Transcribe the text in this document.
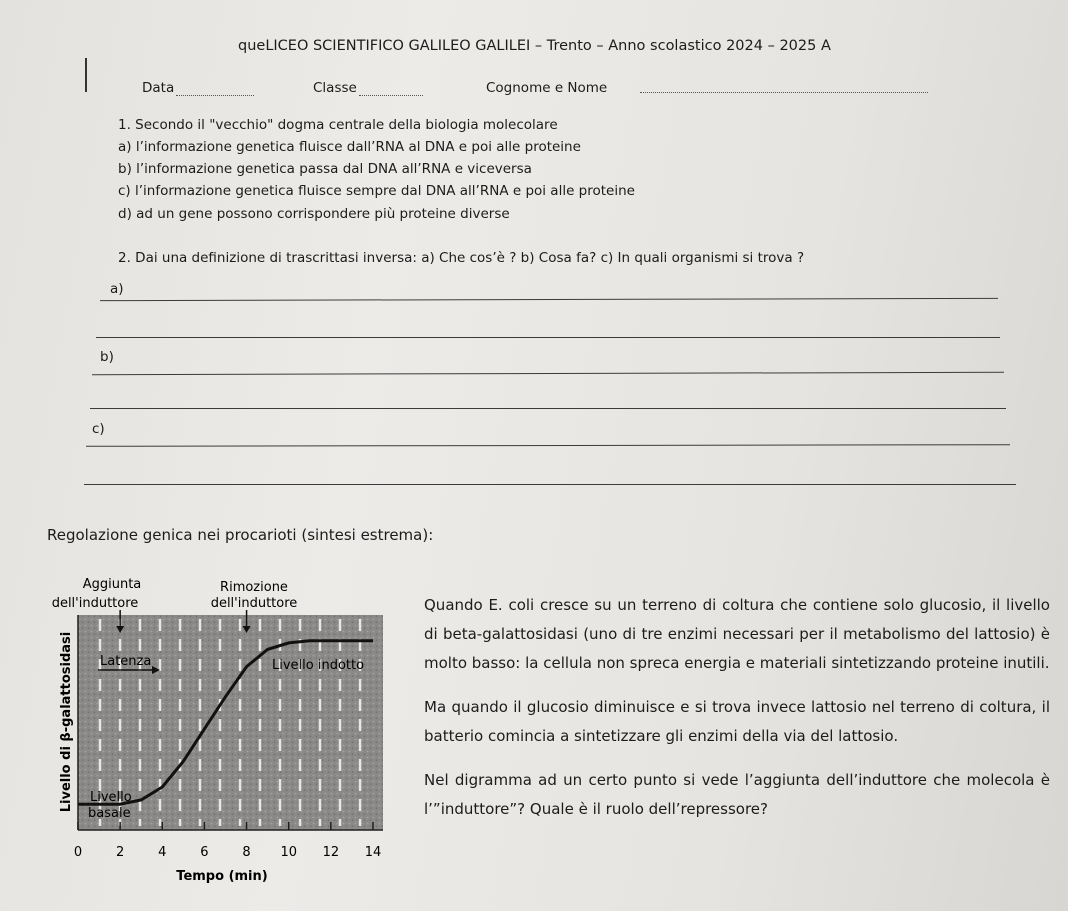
queLICEO SCIENTIFICO GALILEO GALILEI – Trento – Anno scolastico 2024 – 2025 A
Data	Classe	Cognome e Nome
1. Secondo il "vecchio" dogma centrale della biologia molecolare
a) l’informazione genetica fluisce dall’RNA al DNA e poi alle proteine
b) l’informazione genetica passa dal DNA all’RNA e viceversa
c) l’informazione genetica fluisce sempre dal DNA all’RNA e poi alle proteine
d) ad un gene possono corrispondere più proteine diverse
2. Dai una definizione di trascrittasi inversa: a) Che cos’è ? b) Cosa fa? c) In quali organismi si trova ?
a)
b)
c)
Regolazione genica nei procarioti (sintesi estrema):
0	2	4	6	8 10 12 14
Aggiunta
dell'induttore
Rimozione
dell'induttore
Latenza	Livello indotto
Livello
basale
Tempo (min)
Livello di β-galattosidasi

Quando E. coli cresce su un terreno di coltura che contiene solo glucosio, il livello di beta-galattosidasi (uno di tre enzimi necessari per il metabolismo del lattosio) è molto basso: la cellula non spreca energia e materiali sintetizzando proteine inutili.

Ma quando il glucosio diminuisce e si trova invece lattosio nel terreno di coltura, il batterio comincia a sintetizzare gli enzimi della via del lattosio.

Nel digramma ad un certo punto si vede l’aggiunta dell’induttore che molecola è l’”induttore”? Quale è il ruolo dell’repressore?
